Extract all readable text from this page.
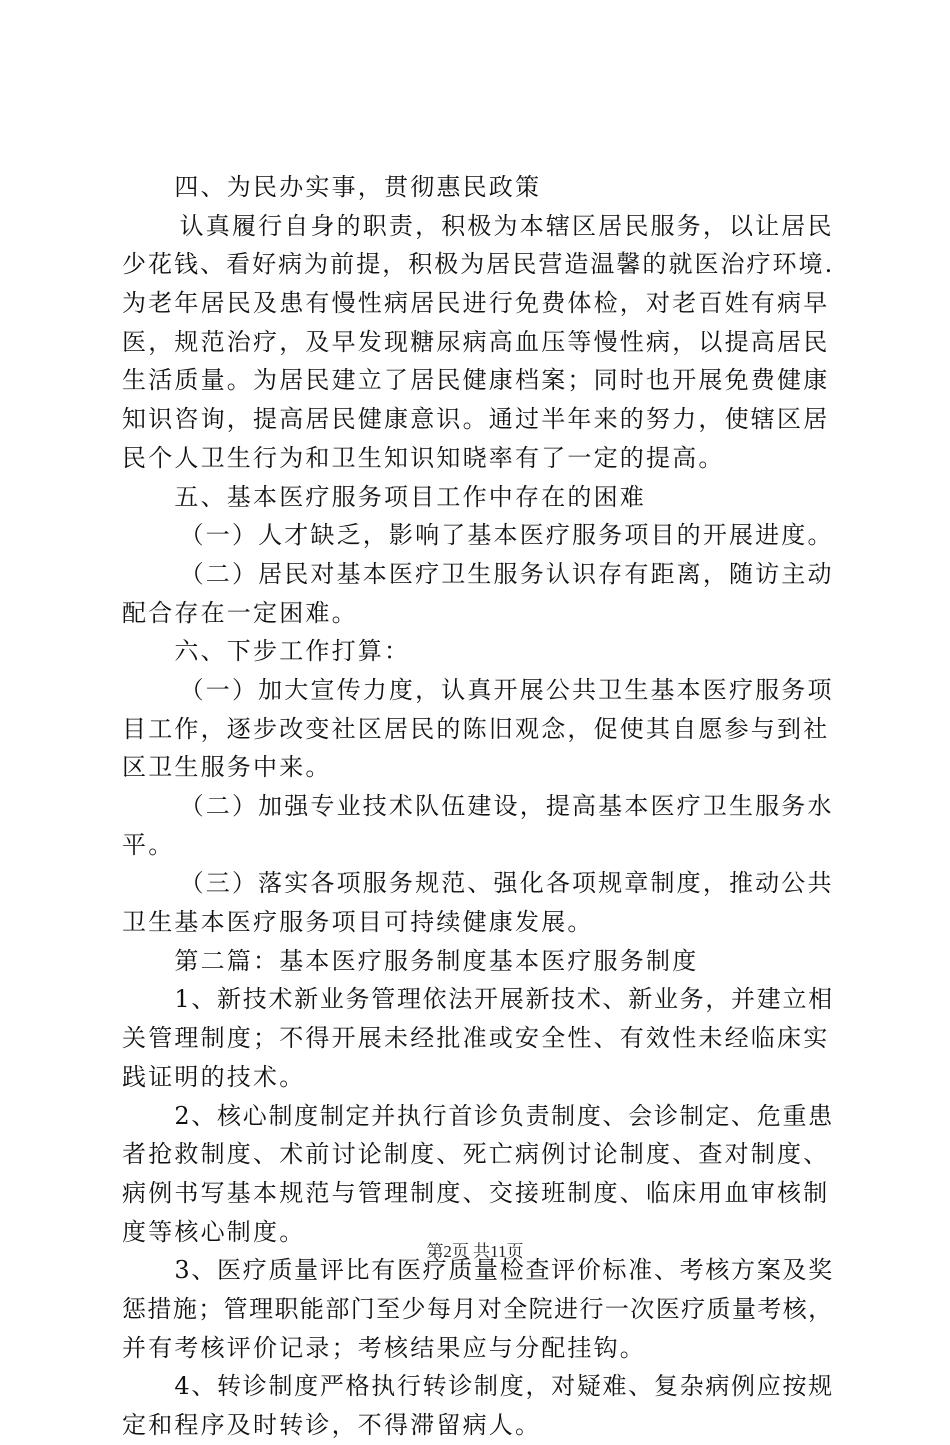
四、为民办实事，贯彻惠民政策
认真履行自身的职责，积极为本辖区居民服务，以让居民
少花钱、看好病为前提，积极为居民营造温馨的就医治疗环境.
为老年居民及患有慢性病居民进行免费体检，对老百姓有病早
医，规范治疗，及早发现糖尿病高血压等慢性病，以提高居民
生活质量。为居民建立了居民健康档案；同时也开展免费健康
知识咨询，提高居民健康意识。通过半年来的努力，使辖区居
民个人卫生行为和卫生知识知晓率有了一定的提高。
五、基本医疗服务项目工作中存在的困难
（一）人才缺乏，影响了基本医疗服务项目的开展进度。
（二）居民对基本医疗卫生服务认识存有距离，随访主动
配合存在一定困难。
六、下步工作打算：
（一）加大宣传力度，认真开展公共卫生基本医疗服务项
目工作，逐步改变社区居民的陈旧观念，促使其自愿参与到社
区卫生服务中来。
（二）加强专业技术队伍建设，提高基本医疗卫生服务水
平。
（三）落实各项服务规范、强化各项规章制度，推动公共
卫生基本医疗服务项目可持续健康发展。
第二篇：基本医疗服务制度基本医疗服务制度
1、新技术新业务管理依法开展新技术、新业务，并建立相
关管理制度；不得开展未经批准或安全性、有效性未经临床实
践证明的技术。
2、核心制度制定并执行首诊负责制度、会诊制定、危重患
者抢救制度、术前讨论制度、死亡病例讨论制度、查对制度、
病例书写基本规范与管理制度、交接班制度、临床用血审核制
度等核心制度。
3、医疗质量评比有医疗质量检查评价标准、考核方案及奖
惩措施；管理职能部门至少每月对全院进行一次医疗质量考核，
并有考核评价记录；考核结果应与分配挂钩。
4、转诊制度严格执行转诊制度，对疑难、复杂病例应按规
定和程序及时转诊，不得滞留病人。
第2页 共11页
